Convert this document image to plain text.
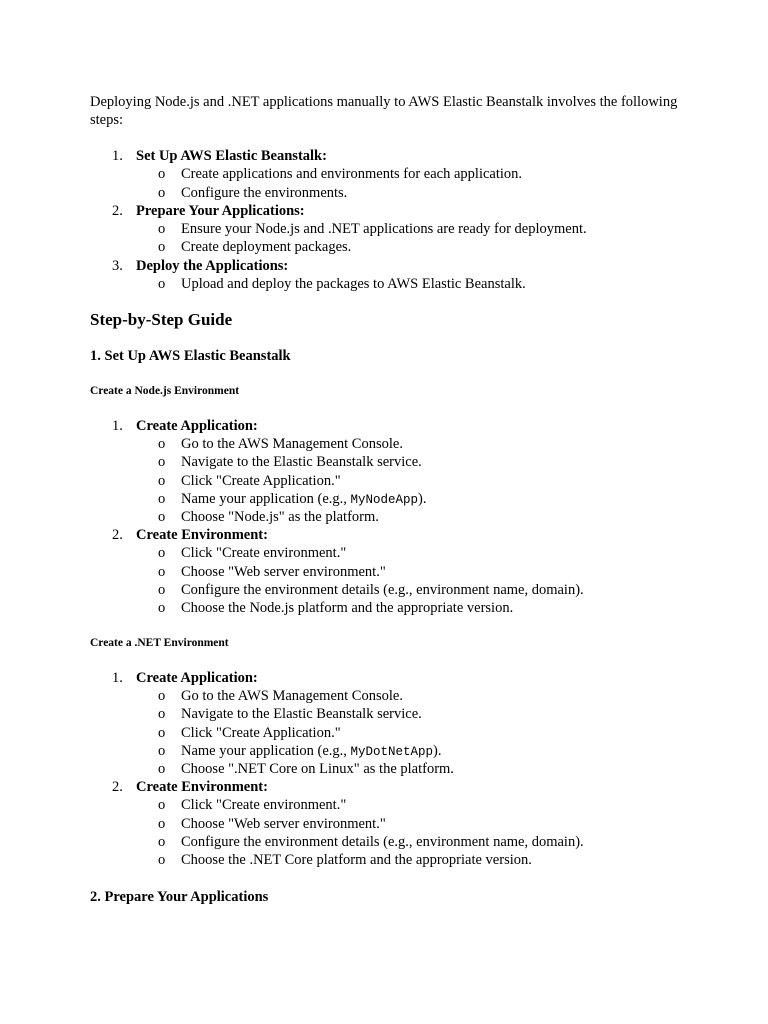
Deploying Node.js and .NET applications manually to AWS Elastic Beanstalk involves the following steps:
1. Set Up AWS Elastic Beanstalk:
o Create applications and environments for each application.
o Configure the environments.
2. Prepare Your Applications:
o Ensure your Node.js and .NET applications are ready for deployment.
o Create deployment packages.
3. Deploy the Applications:
o Upload and deploy the packages to AWS Elastic Beanstalk.
Step-by-Step Guide
1. Set Up AWS Elastic Beanstalk
Create a Node.js Environment
1. Create Application:
o Go to the AWS Management Console.
o Navigate to the Elastic Beanstalk service.
o Click "Create Application."
o Name your application (e.g., MyNodeApp).
o Choose "Node.js" as the platform.
2. Create Environment:
o Click "Create environment."
o Choose "Web server environment."
o Configure the environment details (e.g., environment name, domain).
o Choose the Node.js platform and the appropriate version.
Create a .NET Environment
1. Create Application:
o Go to the AWS Management Console.
o Navigate to the Elastic Beanstalk service.
o Click "Create Application."
o Name your application (e.g., MyDotNetApp).
o Choose ".NET Core on Linux" as the platform.
2. Create Environment:
o Click "Create environment."
o Choose "Web server environment."
o Configure the environment details (e.g., environment name, domain).
o Choose the .NET Core platform and the appropriate version.
2. Prepare Your Applications
